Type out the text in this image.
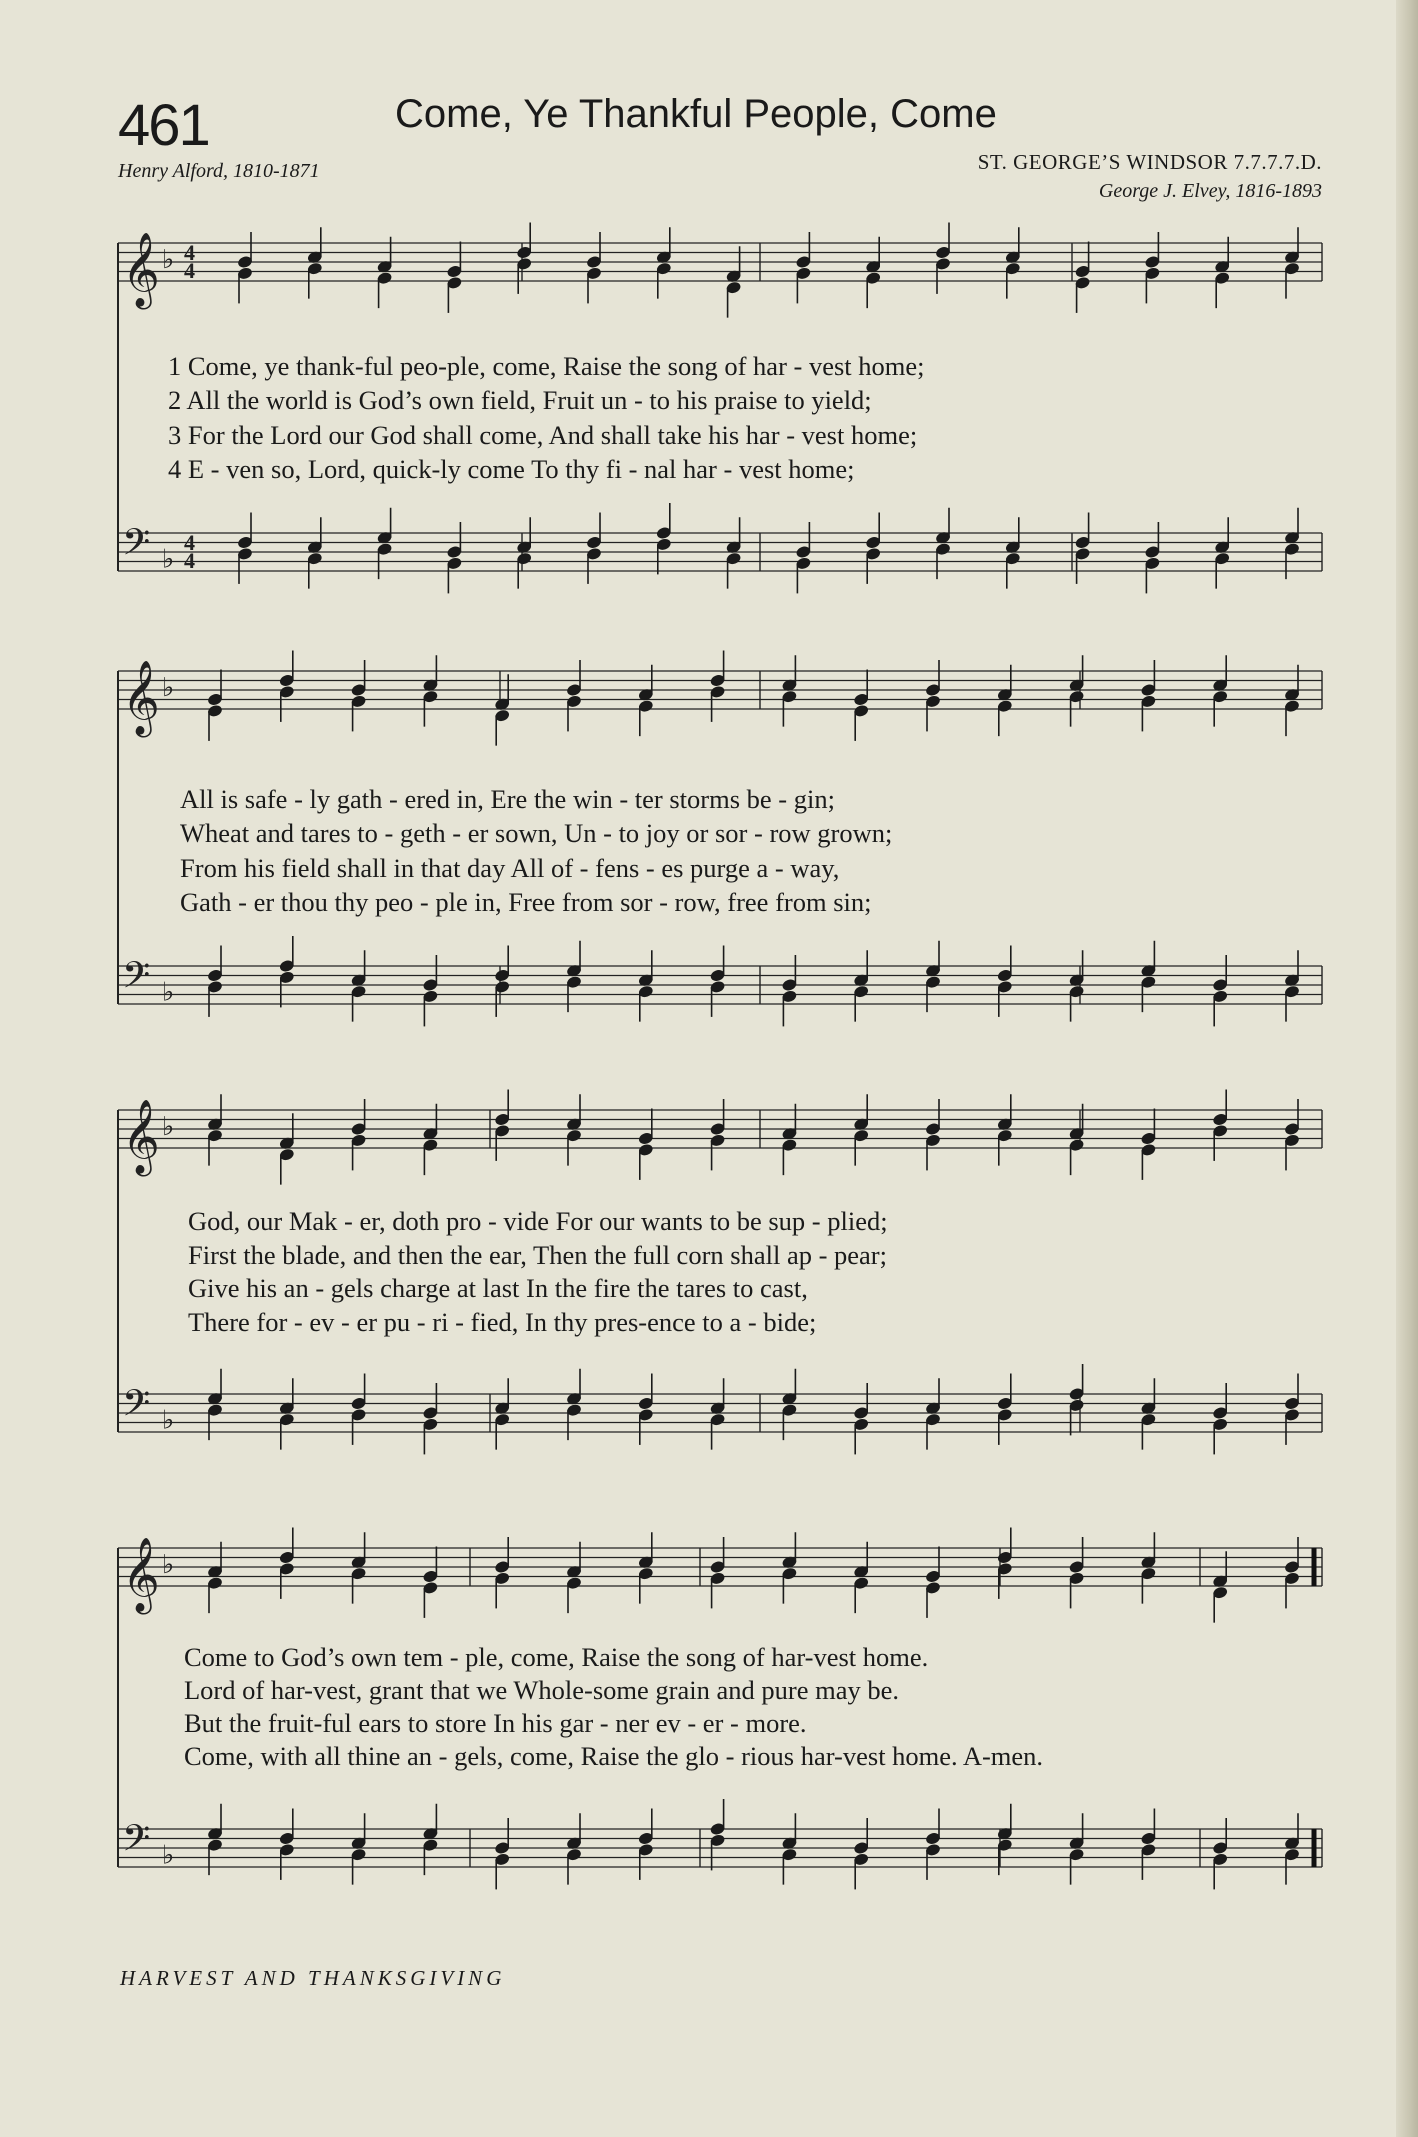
461	Come, Ye Thankful People, Come
Henry Alford, 1810-1871	ST. GEORGE’S WINDSOR 7.7.7.7.D.
George J. Elvey, 1816-1893
𝄞 ♭ 4
4
𝄢 ♭ 4
4
𝄞 ♭
𝄢 ♭
𝄞 ♭
𝄢 ♭
𝄞 ♭
𝄢 ♭
1 Come, ye thank-ful peo-ple, come, Raise the song of har - vest home;
2 All the world is God’s own field, Fruit un - to his praise to yield;
3 For the Lord our God shall come, And shall take his har - vest home;
4 E - ven so, Lord, quick-ly come To thy fi - nal har - vest home;
All is safe - ly gath - ered in, Ere the win - ter storms be - gin;
Wheat and tares to - geth - er sown, Un - to joy or sor - row grown;
From his field shall in that day All of - fens - es purge a - way,
Gath - er thou thy peo - ple in, Free from sor - row, free from sin;
God, our Mak - er, doth pro - vide For our wants to be sup - plied;
First the blade, and then the ear, Then the full corn shall ap - pear;
Give his an - gels charge at last In the fire the tares to cast,
There for - ev - er pu - ri - fied, In thy pres-ence to a - bide;
Come to God’s own tem - ple, come, Raise the song of har-vest home.
Lord of har-vest, grant that we Whole-some grain and pure may be.
But the fruit-ful ears to store In his gar - ner ev - er - more.
Come, with all thine an - gels, come, Raise the glo - rious har-vest home. A-men.
HARVEST AND THANKSGIVING
